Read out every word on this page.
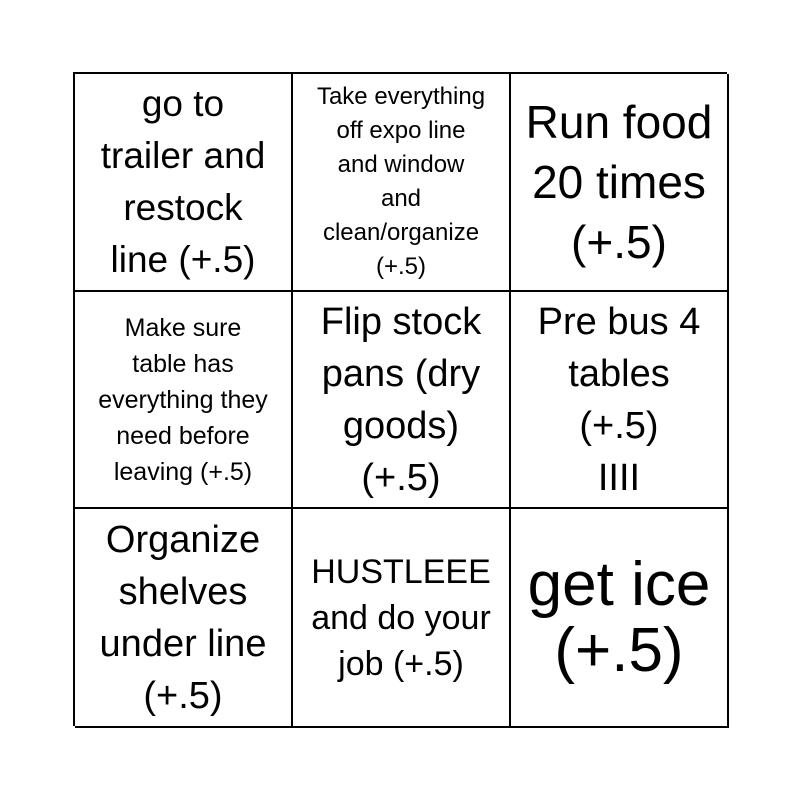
go to
trailer and
restock
line (+.5)
Take everything
off expo line
and window
and
clean/organize
(+.5)
Run food
20 times
(+.5)
Make sure
table has
everything they
need before
leaving (+.5)
Flip stock
pans (dry
goods)
(+.5)
Pre bus 4
tables
(+.5)
IIII
Organize
shelves
under line
(+.5)
HUSTLEEE
and do your
job (+.5)
get ice
(+.5)
